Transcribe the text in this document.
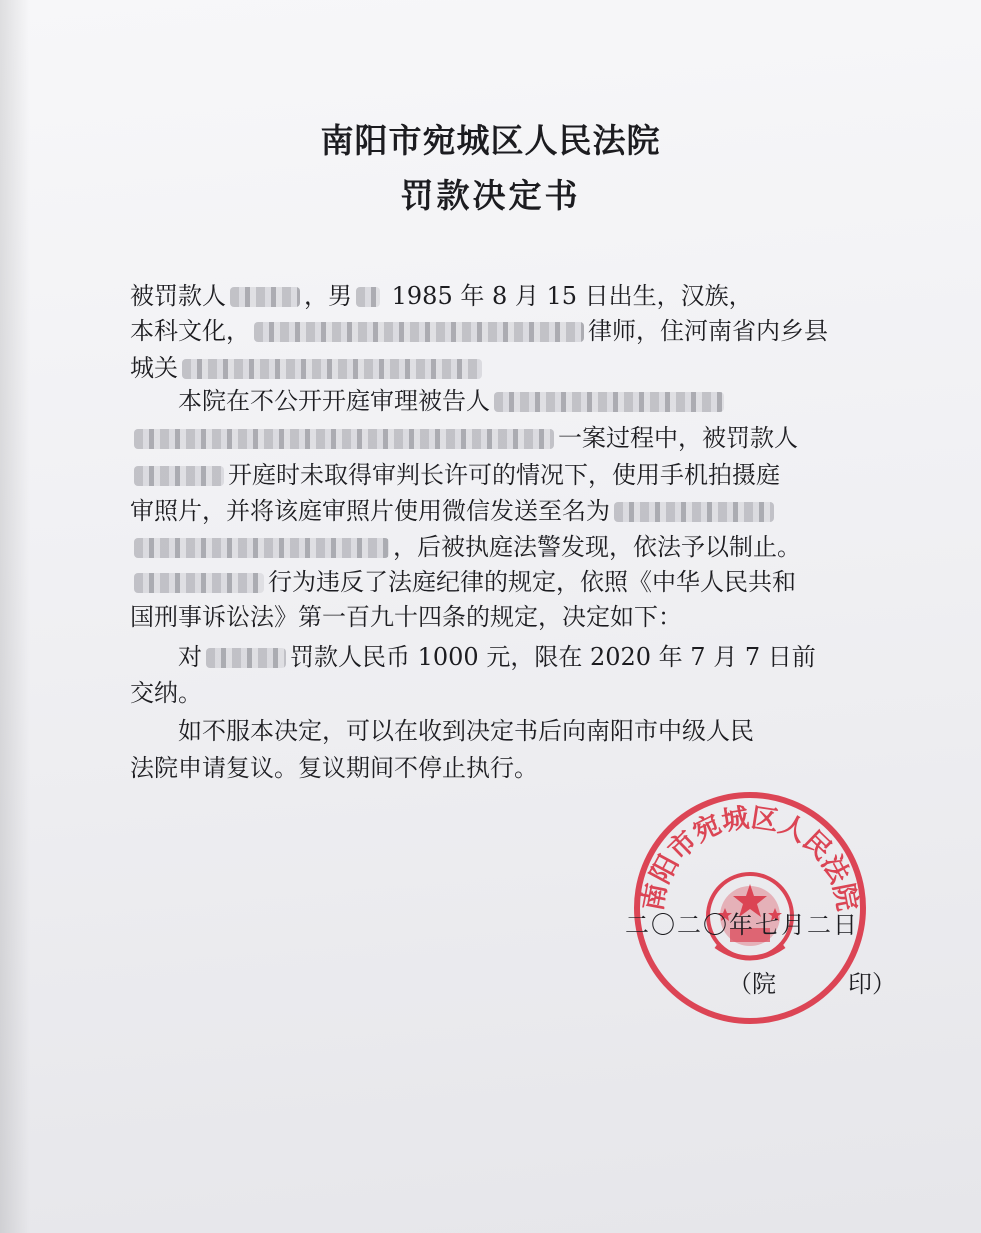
南阳市宛城区人民法院
罚款决定书
被罚款人	，男 1985 年 8 月 15 日出生，汉族，
本科文化，	律师，住河南省内乡县
城关
　　本院在不公开开庭审理被告人
一案过程中，被罚款人
开庭时未取得审判长许可的情况下，使用手机拍摄庭
审照片，并将该庭审照片使用微信发送至名为
，后被执庭法警发现，依法予以制止。
行为违反了法庭纪律的规定，依照《中华人民共和
国刑事诉讼法》第一百九十四条的规定，决定如下：
　　对	罚款人民币 1000 元，限在 2020 年 7 月 7 日前
交纳。
　　如不服本决定，可以在收到决定书后向南阳市中级人民
法院申请复议。复议期间不停止执行。
南阳市宛城区人民法院
二〇二〇年七月二日
（院　　　印）
